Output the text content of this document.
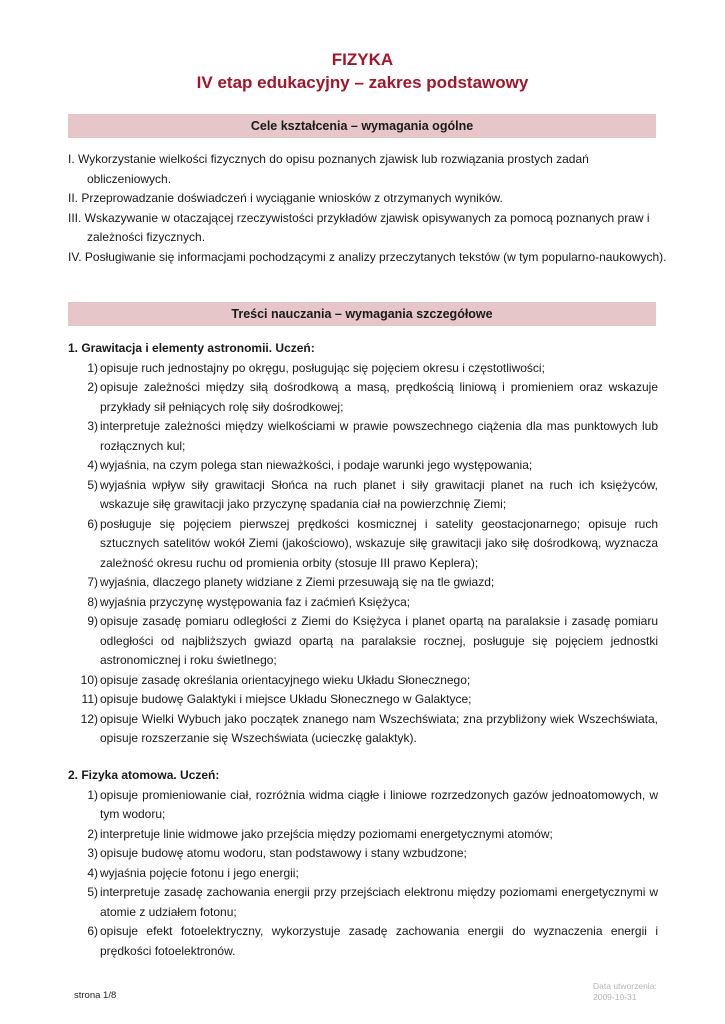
FIZYKA
IV etap edukacyjny – zakres podstawowy
Cele kształcenia – wymagania ogólne

I. Wykorzystanie wielkości fizycznych do opisu poznanych zjawisk lub rozwiązania prostych zadań obliczeniowych.

II. Przeprowadzanie doświadczeń i wyciąganie wniosków z otrzymanych wyników.

III. Wskazywanie w otaczającej rzeczywistości przykładów zjawisk opisywanych za pomocą poznanych praw i zależności fizycznych.

IV. Posługiwanie się informacjami pochodzącymi z analizy przeczytanych tekstów (w tym popularno-naukowych).

Treści nauczania – wymagania szczegółowe

1. Grawitacja i elementy astronomii. Uczeń:

1) opisuje ruch jednostajny po okręgu, posługując się pojęciem okresu i częstotliwości;
2) opisuje zależności między siłą dośrodkową a masą, prędkością liniową i promieniem oraz wskazuje przykłady sił pełniących rolę siły dośrodkowej;
3) interpretuje zależności między wielkościami w prawie powszechnego ciążenia dla mas punktowych lub rozłącznych kul;
4) wyjaśnia, na czym polega stan nieważkości, i podaje warunki jego występowania;
5) wyjaśnia wpływ siły grawitacji Słońca na ruch planet i siły grawitacji planet na ruch ich księżyców, wskazuje siłę grawitacji jako przyczynę spadania ciał na powierzchnię Ziemi;
6) posługuje się pojęciem pierwszej prędkości kosmicznej i satelity geostacjonarnego; opisuje ruch sztucznych satelitów wokół Ziemi (jakościowo), wskazuje siłę grawitacji jako siłę dośrodkową, wyznacza zależność okresu ruchu od promienia orbity (stosuje III prawo Keplera);
7) wyjaśnia, dlaczego planety widziane z Ziemi przesuwają się na tle gwiazd;
8) wyjaśnia przyczynę występowania faz i zaćmień Księżyca;
9) opisuje zasadę pomiaru odległości z Ziemi do Księżyca i planet opartą na paralaksie i zasadę pomiaru odległości od najbliższych gwiazd opartą na paralaksie rocznej, posługuje się pojęciem jednostki astronomicznej i roku świetlnego;
10) opisuje zasadę określania orientacyjnego wieku Układu Słonecznego;
11) opisuje budowę Galaktyki i miejsce Układu Słonecznego w Galaktyce;
12) opisuje Wielki Wybuch jako początek znanego nam Wszechświata; zna przybliżony wiek Wszechświata, opisuje rozszerzanie się Wszechświata (ucieczkę galaktyk).

2. Fizyka atomowa. Uczeń:

1) opisuje promieniowanie ciał, rozróżnia widma ciągłe i liniowe rozrzedzonych gazów jednoatomowych, w tym wodoru;
2) interpretuje linie widmowe jako przejścia między poziomami energetycznymi atomów;
3) opisuje budowę atomu wodoru, stan podstawowy i stany wzbudzone;
4) wyjaśnia pojęcie fotonu i jego energii;
5) interpretuje zasadę zachowania energii przy przejściach elektronu między poziomami energetycznymi w atomie z udziałem fotonu;
6) opisuje efekt fotoelektryczny, wykorzystuje zasadę zachowania energii do wyznaczenia energii i prędkości fotoelektronów.
strona 1/8
Data utworzenia:
2009-10-31
